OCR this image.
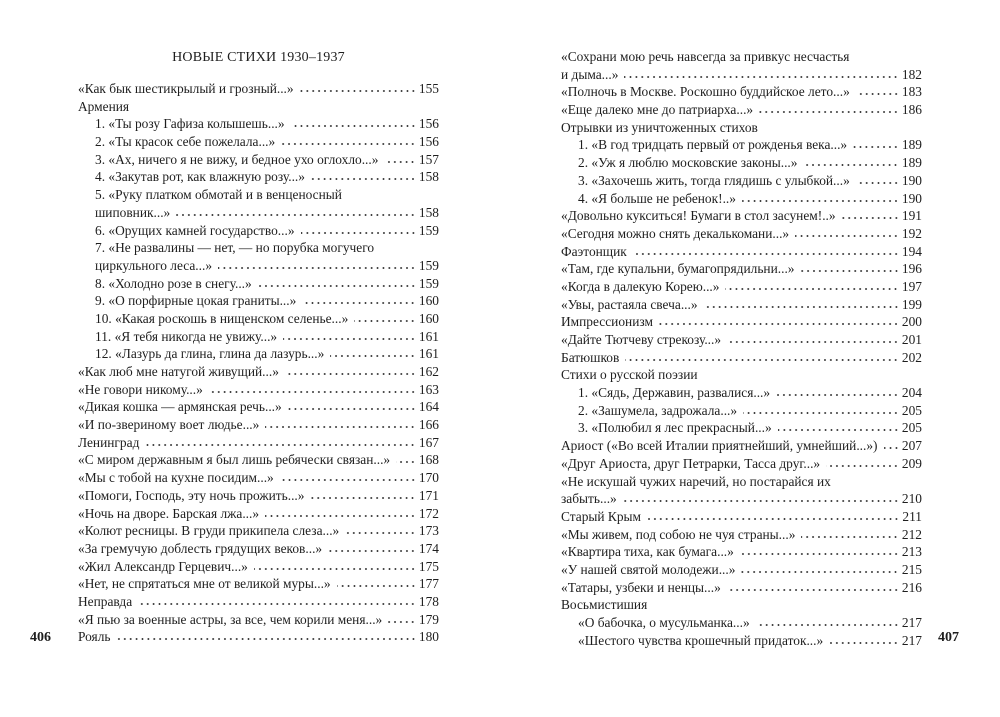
НОВЫЕ СТИХИ 1930–1937
«Как бык шестикрылый и грозный...»	155
Армения
1. «Ты розу Гафиза колышешь...»	156
2. «Ты красок себе пожелала...»	156
3. «Ах, ничего я не вижу, и бедное ухо оглохло...»	157
4. «Закутав рот, как влажную розу...»	158
5. «Руку платком обмотай и в венценосный
шиповник...»	158
6. «Орущих камней государство...»	159
7. «Не развалины — нет, — но порубка могучего
циркульного леса...»	159
8. «Холодно розе в снегу...»	159
9. «О порфирные цокая граниты...»	160
10. «Какая роскошь в нищенском селенье...»	160
11. «Я тебя никогда не увижу...»	161
12. «Лазурь да глина, глина да лазурь...»	161
«Как люб мне натугой живущий...»	162
«Не говори никому...»	163
«Дикая кошка — армянская речь...»	164
«И по-звериному воет людье...»	166
Ленинград	167
«С миром державным я был лишь ребячески связан...» 168
«Мы с тобой на кухне посидим...»	170
«Помоги, Господь, эту ночь прожить...»	171
«Ночь на дворе. Барская лжа...»	172
«Колют ресницы. В груди прикипела слеза...»	173
«За гремучую доблесть грядущих веков...»	174
«Жил Александр Герцевич...»	175
«Нет, не спрятаться мне от великой муры...»	177
Неправда	178
«Я пью за военные астры, за все, чем корили меня...»	179
Рояль	180
«Сохрани мою речь навсегда за привкус несчастья
и дыма...»	182
«Полночь в Москве. Роскошно буддийское лето...»	183
«Еще далеко мне до патриарха...»	186
Отрывки из уничтоженных стихов
1. «В год тридцать первый от рожденья века...»	189
2. «Уж я люблю московские законы...»	189
3. «Захочешь жить, тогда глядишь с улыбкой...»	190
4. «Я больше не ребенок!..»	190
«Довольно кукситься! Бумаги в стол засунем!..»	191
«Сегодня можно снять декалькомани...»	192
Фаэтонщик	194
«Там, где купальни, бумагопрядильни...»	196
«Когда в далекую Корею...»	197
«Увы, растаяла свеча...»	199
Импрессионизм	200
«Дайте Тютчеву стрекозу...»	201
Батюшков	202
Стихи о русской поэзии
1. «Сядь, Державин, развалися...»	204
2. «Зашумела, задрожала...»	205
3. «Полюбил я лес прекрасный...»	205
Ариост («Во всей Италии приятнейший, умнейший...») 207
«Друг Ариоста, друг Петрарки, Тасса друг...»	209
«Не искушай чужих наречий, но постарайся их
забыть...»	210
Старый Крым	211
«Мы живем, под собою не чуя страны...»	212
«Квартира тиха, как бумага...»	213
«У нашей святой молодежи...»	215
«Татары, узбеки и ненцы...»	216
Восьмистишия
«О бабочка, о мусульманка...»	217
«Шестого чувства крошечный придаток...»	217
406	407
